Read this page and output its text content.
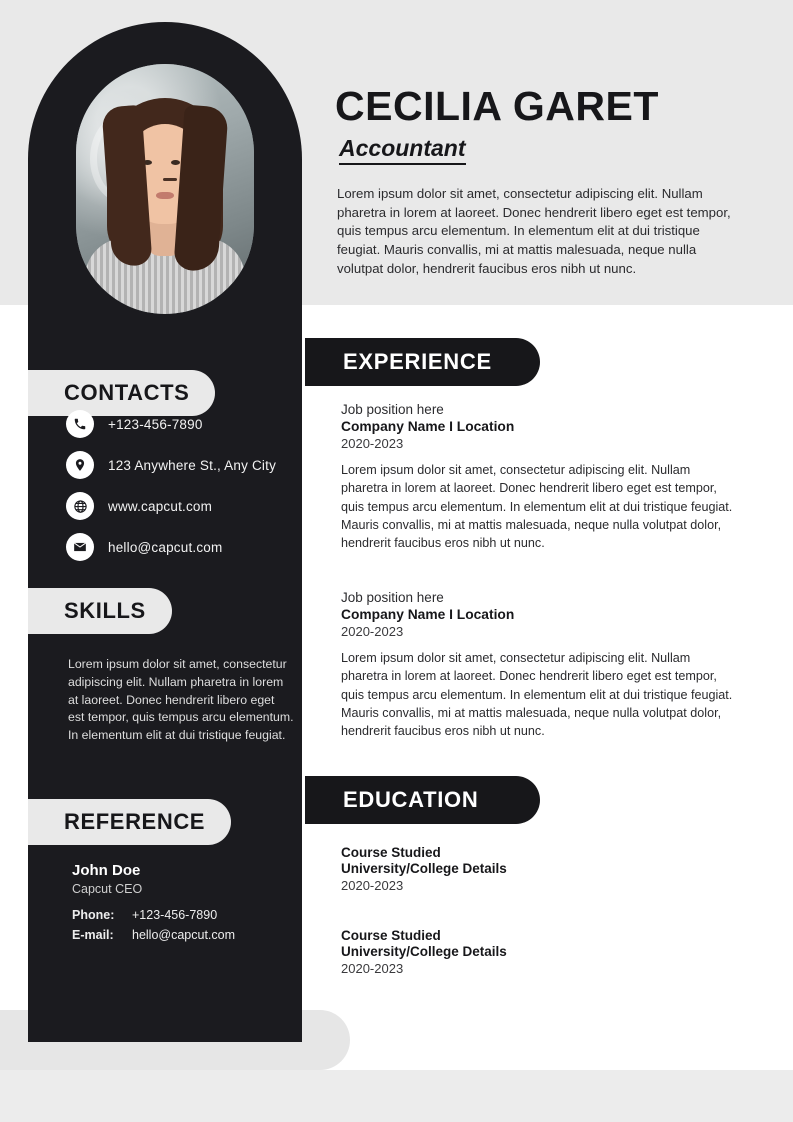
CONTACTS
+123-456-7890
123 Anywhere St., Any City
www.capcut.com
hello@capcut.com
SKILLS
Lorem ipsum dolor sit amet, consectetur adipiscing elit. Nullam pharetra in lorem at laoreet. Donec hendrerit libero eget est tempor, quis tempus arcu elementum. In elementum elit at dui tristique feugiat.
REFERENCE
John Doe
Capcut CEO
Phone:	+123-456-7890
E-mail:	hello@capcut.com
CECILIA GARET
Accountant
Lorem ipsum dolor sit amet, consectetur adipiscing elit. Nullam pharetra in lorem at laoreet. Donec hendrerit libero eget est tempor, quis tempus arcu elementum. In elementum elit at dui tristique feugiat. Mauris convallis, mi at mattis malesuada, neque nulla volutpat dolor, hendrerit faucibus eros nibh ut nunc.
EXPERIENCE
Job position here
Company Name I Location
2020-2023
Lorem ipsum dolor sit amet, consectetur adipiscing elit. Nullam pharetra in lorem at laoreet. Donec hendrerit libero eget est tempor, quis tempus arcu elementum. In elementum elit at dui tristique feugiat. Mauris convallis, mi at mattis malesuada, neque nulla volutpat dolor, hendrerit faucibus eros nibh ut nunc.
Job position here
Company Name I Location
2020-2023
Lorem ipsum dolor sit amet, consectetur adipiscing elit. Nullam pharetra in lorem at laoreet. Donec hendrerit libero eget est tempor, quis tempus arcu elementum. In elementum elit at dui tristique feugiat. Mauris convallis, mi at mattis malesuada, neque nulla volutpat dolor, hendrerit faucibus eros nibh ut nunc.
EDUCATION
Course Studied
University/College Details
2020-2023
Course Studied
University/College Details
2020-2023
